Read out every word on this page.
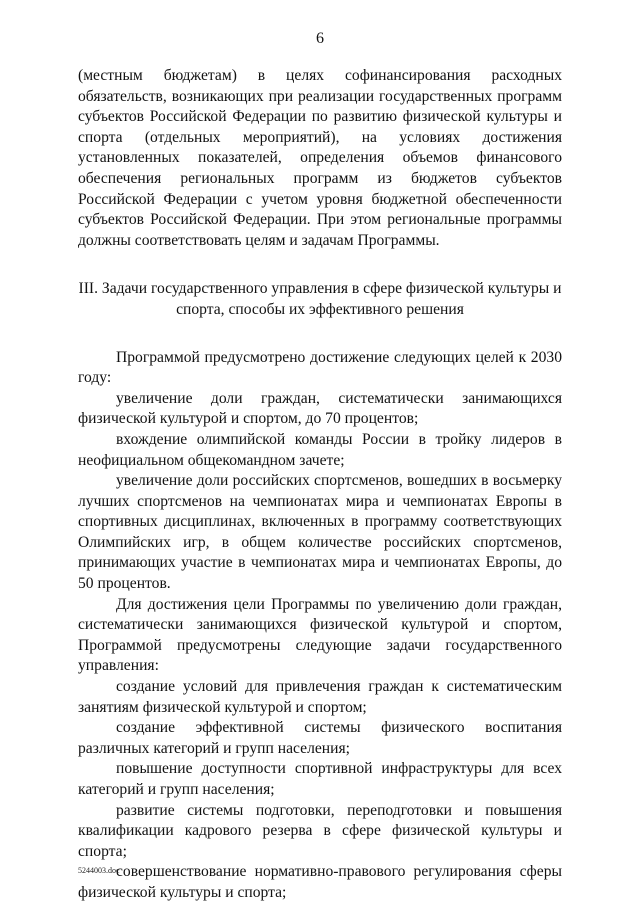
6

(местным бюджетам) в целях софинансирования расходных обязательств, возникающих при реализации государственных программ субъектов Российской Федерации по развитию физической культуры и спорта (отдельных мероприятий), на условиях достижения установленных показателей, определения объемов финансового обеспечения региональных программ из бюджетов субъектов Российской Федерации с учетом уровня бюджетной обеспеченности субъектов Российской Федерации. При этом региональные программы должны соответствовать целям и задачам Программы.

III. Задачи государственного управления в сфере физической культуры и спорта, способы их эффективного решения

Программой предусмотрено достижение следующих целей к 2030 году:

увеличение доли граждан, систематически занимающихся физической культурой и спортом, до 70 процентов;

вхождение олимпийской команды России в тройку лидеров в неофициальном общекомандном зачете;

увеличение доли российских спортсменов, вошедших в восьмерку лучших спортсменов на чемпионатах мира и чемпионатах Европы в спортивных дисциплинах, включенных в программу соответствующих Олимпийских игр, в общем количестве российских спортсменов, принимающих участие в чемпионатах мира и чемпионатах Европы, до 50 процентов.

Для достижения цели Программы по увеличению доли граждан, систематически занимающихся физической культурой и спортом, Программой предусмотрены следующие задачи государственного управления:

создание условий для привлечения граждан к систематическим занятиям физической культурой и спортом;

создание эффективной системы физического воспитания различных категорий и групп населения;

повышение доступности спортивной инфраструктуры для всех категорий и групп населения;

развитие системы подготовки, переподготовки и повышения квалификации кадрового резерва в сфере физической культуры и спорта;

совершенствование нормативно-правового регулирования сферы физической культуры и спорта;

5244003.doc
